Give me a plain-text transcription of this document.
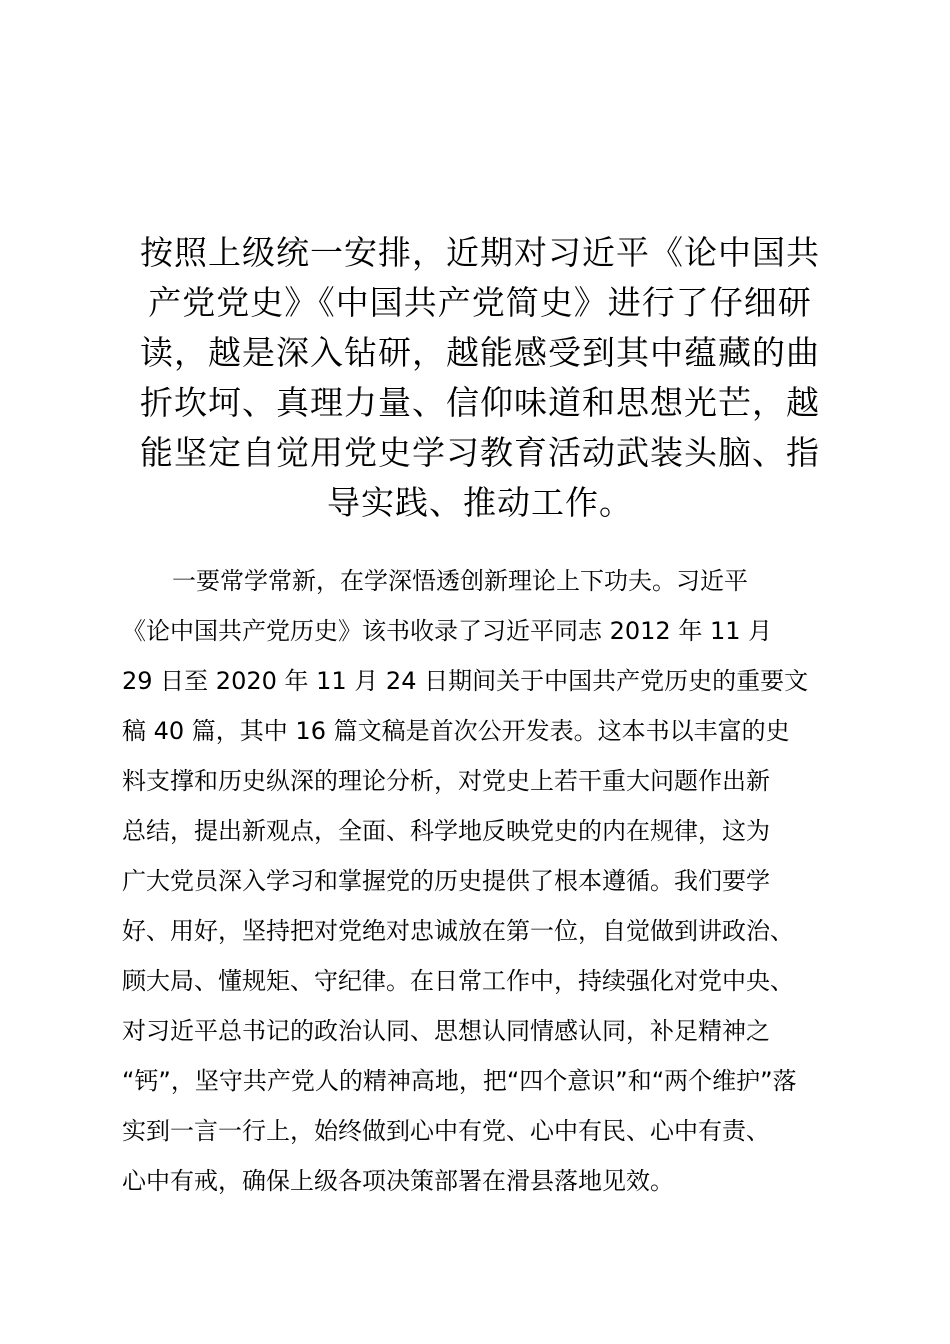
按照上级统一安排，近期对习近平《论中国共
产党党史》《中国共产党简史》进行了仔细研
读，越是深入钻研，越能感受到其中蕴藏的曲
折坎坷、真理力量、信仰味道和思想光芒，越
能坚定自觉用党史学习教育活动武装头脑、指
导实践、推动工作。

一要常学常新，在学深悟透创新理论上下功夫。习近平
《论中国共产党历史》该书收录了习近平同志 2012 年 11 月
29 日至 2020 年 11 月 24 日期间关于中国共产党历史的重要文
稿 40 篇，其中 16 篇文稿是首次公开发表。这本书以丰富的史
料支撑和历史纵深的理论分析，对党史上若干重大问题作出新
总结，提出新观点，全面、科学地反映党史的内在规律，这为
广大党员深入学习和掌握党的历史提供了根本遵循。我们要学
好、用好，坚持把对党绝对忠诚放在第一位，自觉做到讲政治、
顾大局、懂规矩、守纪律。在日常工作中，持续强化对党中央、
对习近平总书记的政治认同、思想认同情感认同，补足精神之
“钙”，坚守共产党人的精神高地，把“四个意识”和“两个维护”落
实到一言一行上，始终做到心中有党、心中有民、心中有责、
心中有戒，确保上级各项决策部署在滑县落地见效。
